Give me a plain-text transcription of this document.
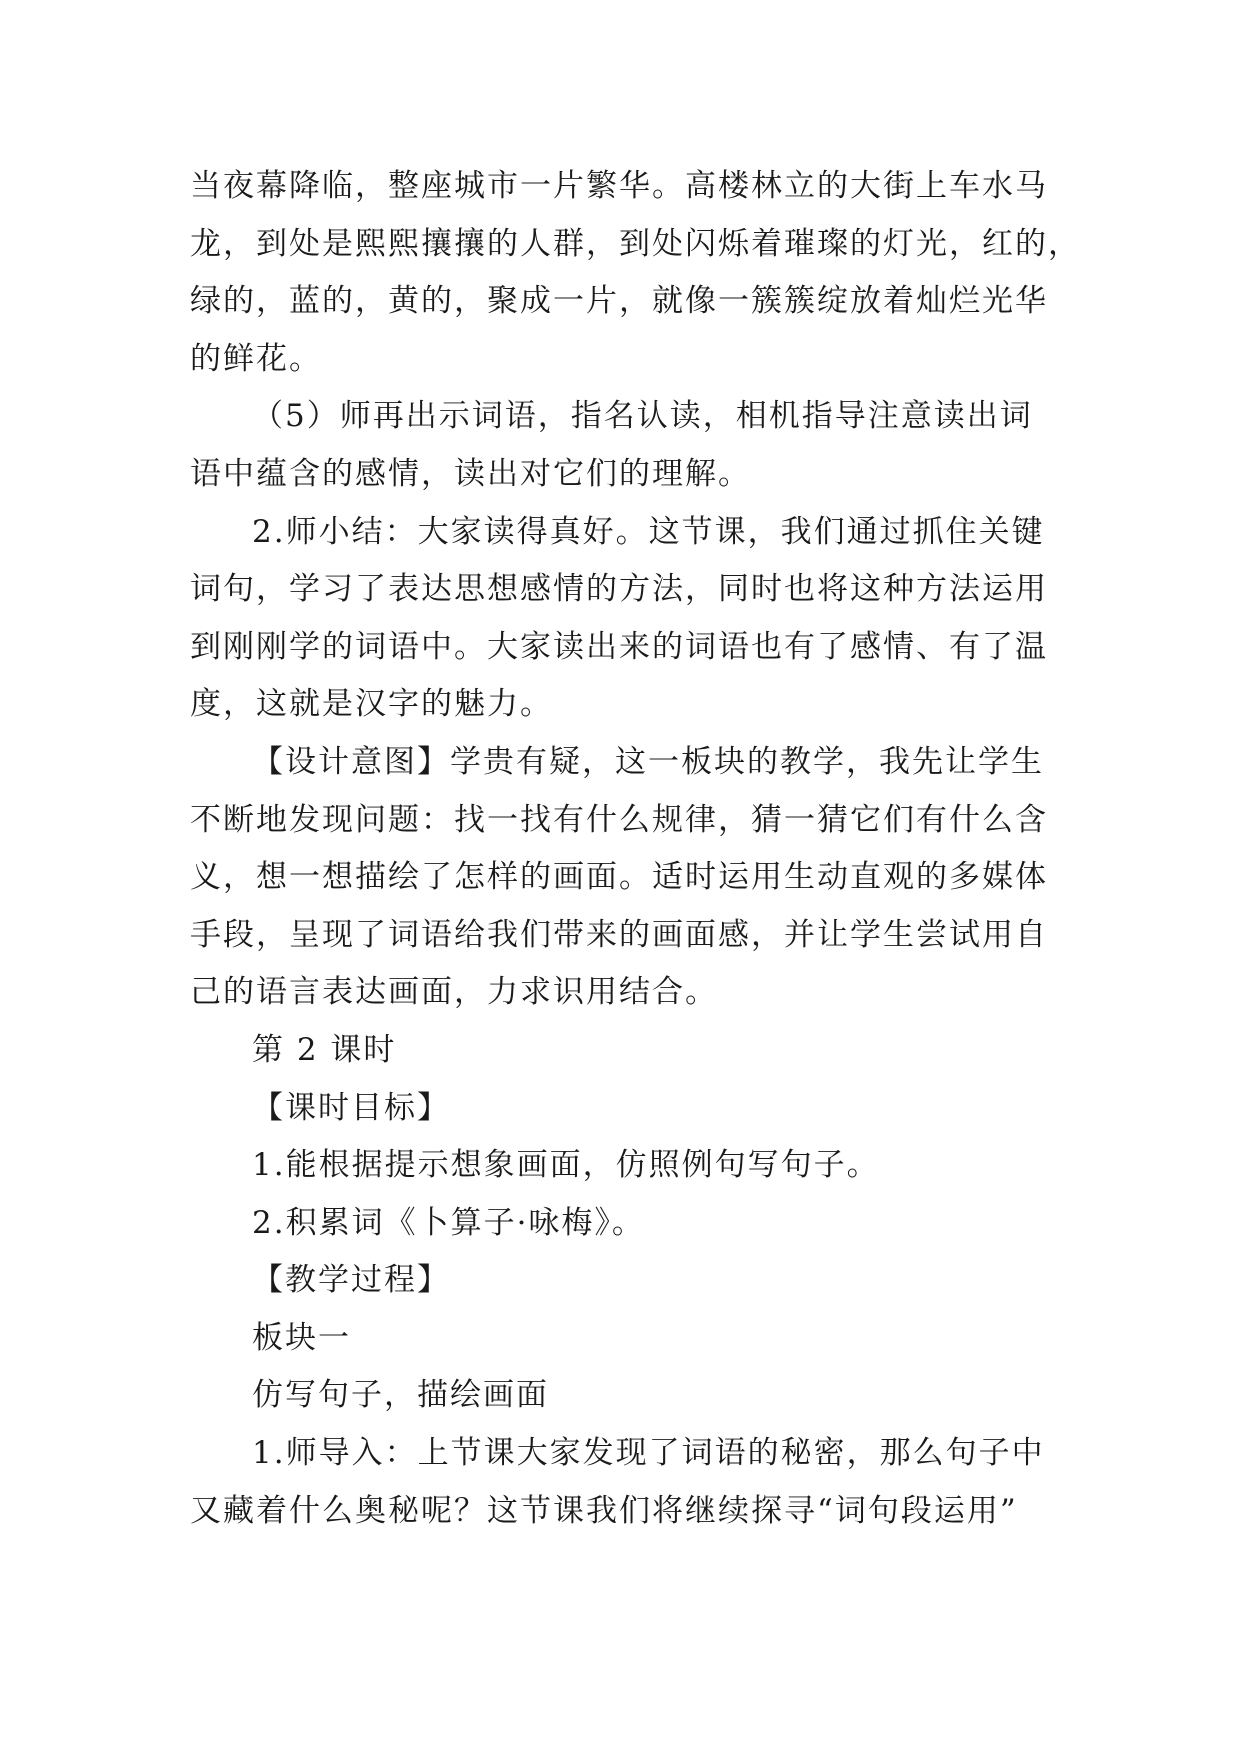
当夜幕降临，整座城市一片繁华。高楼林立的大街上车水马
龙，到处是熙熙攘攘的人群，到处闪烁着璀璨的灯光，红的，
绿的，蓝的，黄的，聚成一片，就像一簇簇绽放着灿烂光华
的鲜花。
（5）师再出示词语，指名认读，相机指导注意读出词
语中蕴含的感情，读出对它们的理解。
2.师小结：大家读得真好。这节课，我们通过抓住关键
词句，学习了表达思想感情的方法，同时也将这种方法运用
到刚刚学的词语中。大家读出来的词语也有了感情、有了温
度，这就是汉字的魅力。
【设计意图】学贵有疑，这一板块的教学，我先让学生
不断地发现问题：找一找有什么规律，猜一猜它们有什么含
义，想一想描绘了怎样的画面。适时运用生动直观的多媒体
手段，呈现了词语给我们带来的画面感，并让学生尝试用自
己的语言表达画面，力求识用结合。
第 2 课时
【课时目标】
1.能根据提示想象画面，仿照例句写句子。
2.积累词《卜算子·咏梅》。
【教学过程】
板块一
仿写句子，描绘画面
1.师导入：上节课大家发现了词语的秘密，那么句子中
又藏着什么奥秘呢？这节课我们将继续探寻“词句段运用”
